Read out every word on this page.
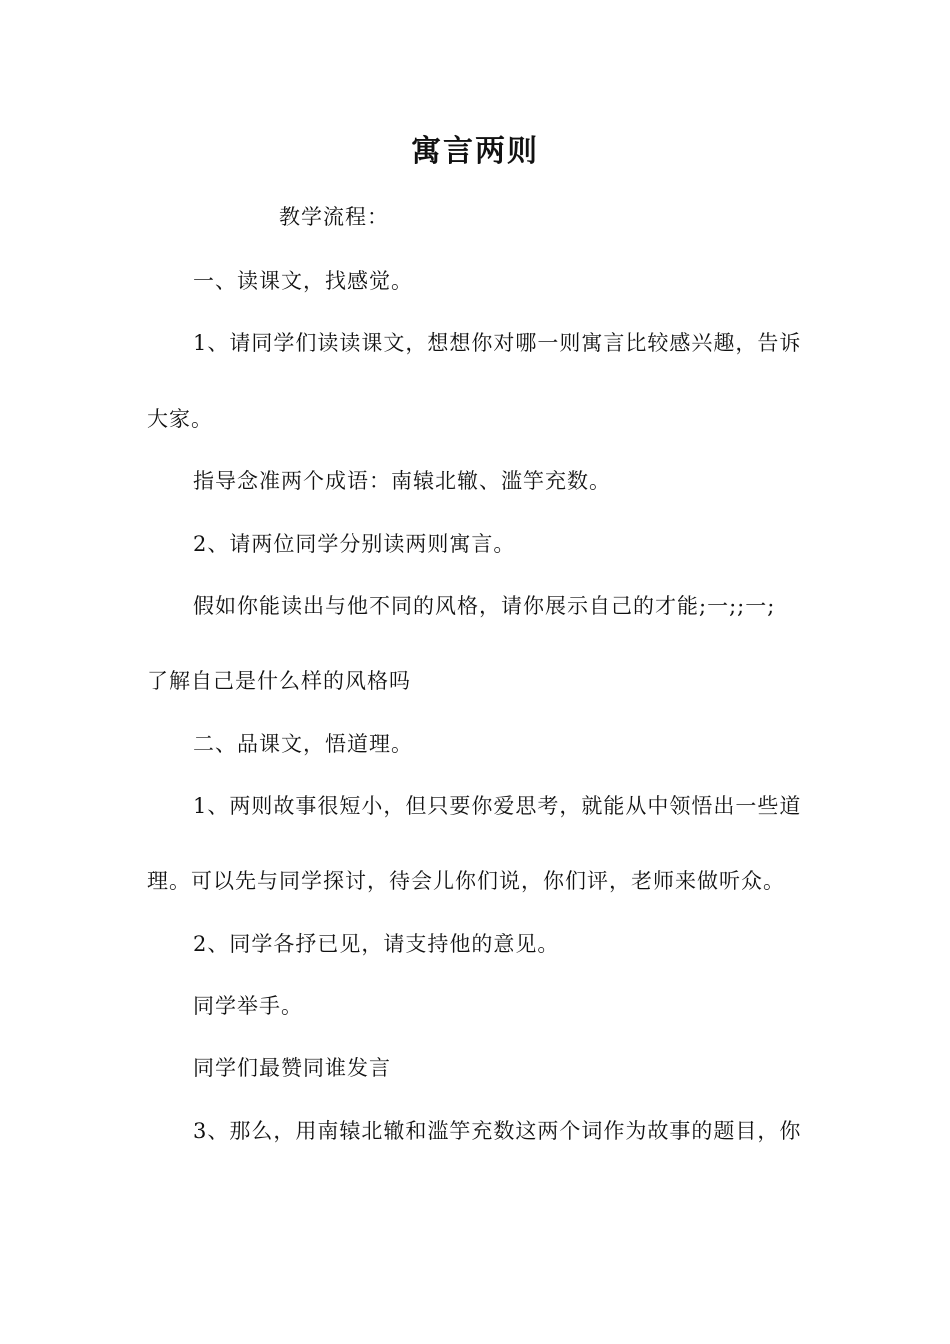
寓言两则
教学流程：
一、读课文，找感觉。
1、请同学们读读课文，想想你对哪一则寓言比较感兴趣，告诉
大家。
指导念准两个成语：南辕北辙、滥竽充数。
2、请两位同学分别读两则寓言。
假如你能读出与他不同的风格，请你展示自己的才能;一;;一;
了解自己是什么样的风格吗
二、品课文，悟道理。
1、两则故事很短小，但只要你爱思考，就能从中领悟出一些道
理。可以先与同学探讨，待会儿你们说，你们评，老师来做听众。
2、同学各抒已见，请支持他的意见。
同学举手。
同学们最赞同谁发言
3、那么，用南辕北辙和滥竽充数这两个词作为故事的题目，你
